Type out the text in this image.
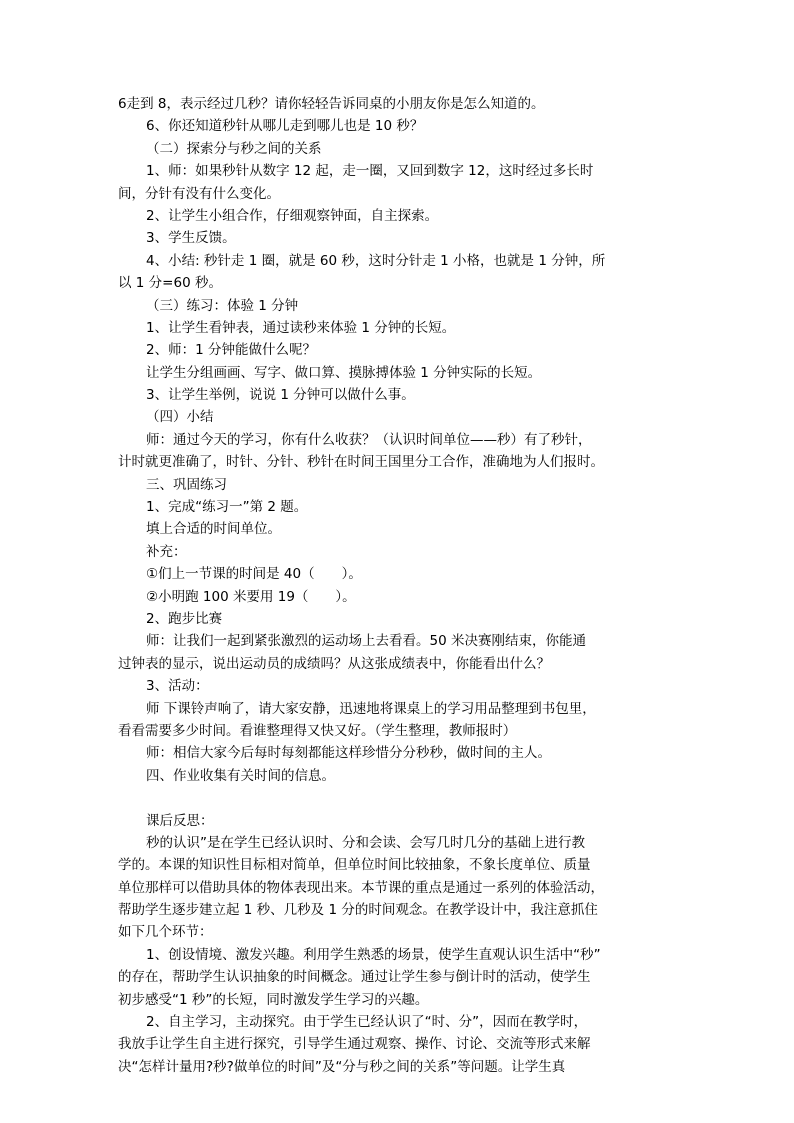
6走到 8，表示经过几秒？请你轻轻告诉同桌的小朋友你是怎么知道的。
6、你还知道秒针从哪儿走到哪儿也是 10 秒？
（二）探索分与秒之间的关系
1、师：如果秒针从数字 12 起，走一圈，又回到数字 12，这时经过多长时
间，分针有没有什么变化。
2、让学生小组合作，仔细观察钟面，自主探索。
3、学生反馈。
4、小结: 秒针走 1 圈，就是 60 秒，这时分针走 1 小格，也就是 1 分钟，所
以 1 分=60 秒。
（三）练习：体验 1 分钟
1、让学生看钟表，通过读秒来体验 1 分钟的长短。
2、师：1 分钟能做什么呢？
让学生分组画画、写字、做口算、摸脉搏体验 1 分钟实际的长短。
3、让学生举例，说说 1 分钟可以做什么事。
（四）小结
师：通过今天的学习，你有什么收获？（认识时间单位——秒）有了秒针，
计时就更准确了，时针、分针、秒针在时间王国里分工合作，准确地为人们报时。
三、巩固练习
1、完成“练习一”第 2 题。
填上合适的时间单位。
补充：
①们上一节课的时间是 40（　　）。
②小明跑 100 米要用 19（　　）。
2、跑步比赛
师：让我们一起到紧张激烈的运动场上去看看。50 米决赛刚结束，你能通
过钟表的显示，说出运动员的成绩吗？从这张成绩表中，你能看出什么？
3、活动：
师 下课铃声响了，请大家安静，迅速地将课桌上的学习用品整理到书包里，
看看需要多少时间。看谁整理得又快又好。（学生整理，教师报时）
师：相信大家今后每时每刻都能这样珍惜分分秒秒，做时间的主人。
四、作业收集有关时间的信息。
课后反思：
秒的认识”是在学生已经认识时、分和会读、会写几时几分的基础上进行教
学的。本课的知识性目标相对简单，但单位时间比较抽象，不象长度单位、质量
单位那样可以借助具体的物体表现出来。本节课的重点是通过一系列的体验活动，
帮助学生逐步建立起 1 秒、几秒及 1 分的时间观念。在教学设计中，我注意抓住
如下几个环节：
1、创设情境、激发兴趣。利用学生熟悉的场景，使学生直观认识生活中“秒”
的存在，帮助学生认识抽象的时间概念。通过让学生参与倒计时的活动，使学生
初步感受“1 秒”的长短，同时激发学生学习的兴趣。
2、自主学习，主动探究。由于学生已经认识了“时、分”，因而在教学时，
我放手让学生自主进行探究，引导学生通过观察、操作、讨论、交流等形式来解
决“怎样计量用?秒?做单位的时间”及“分与秒之间的关系”等问题。让学生真
